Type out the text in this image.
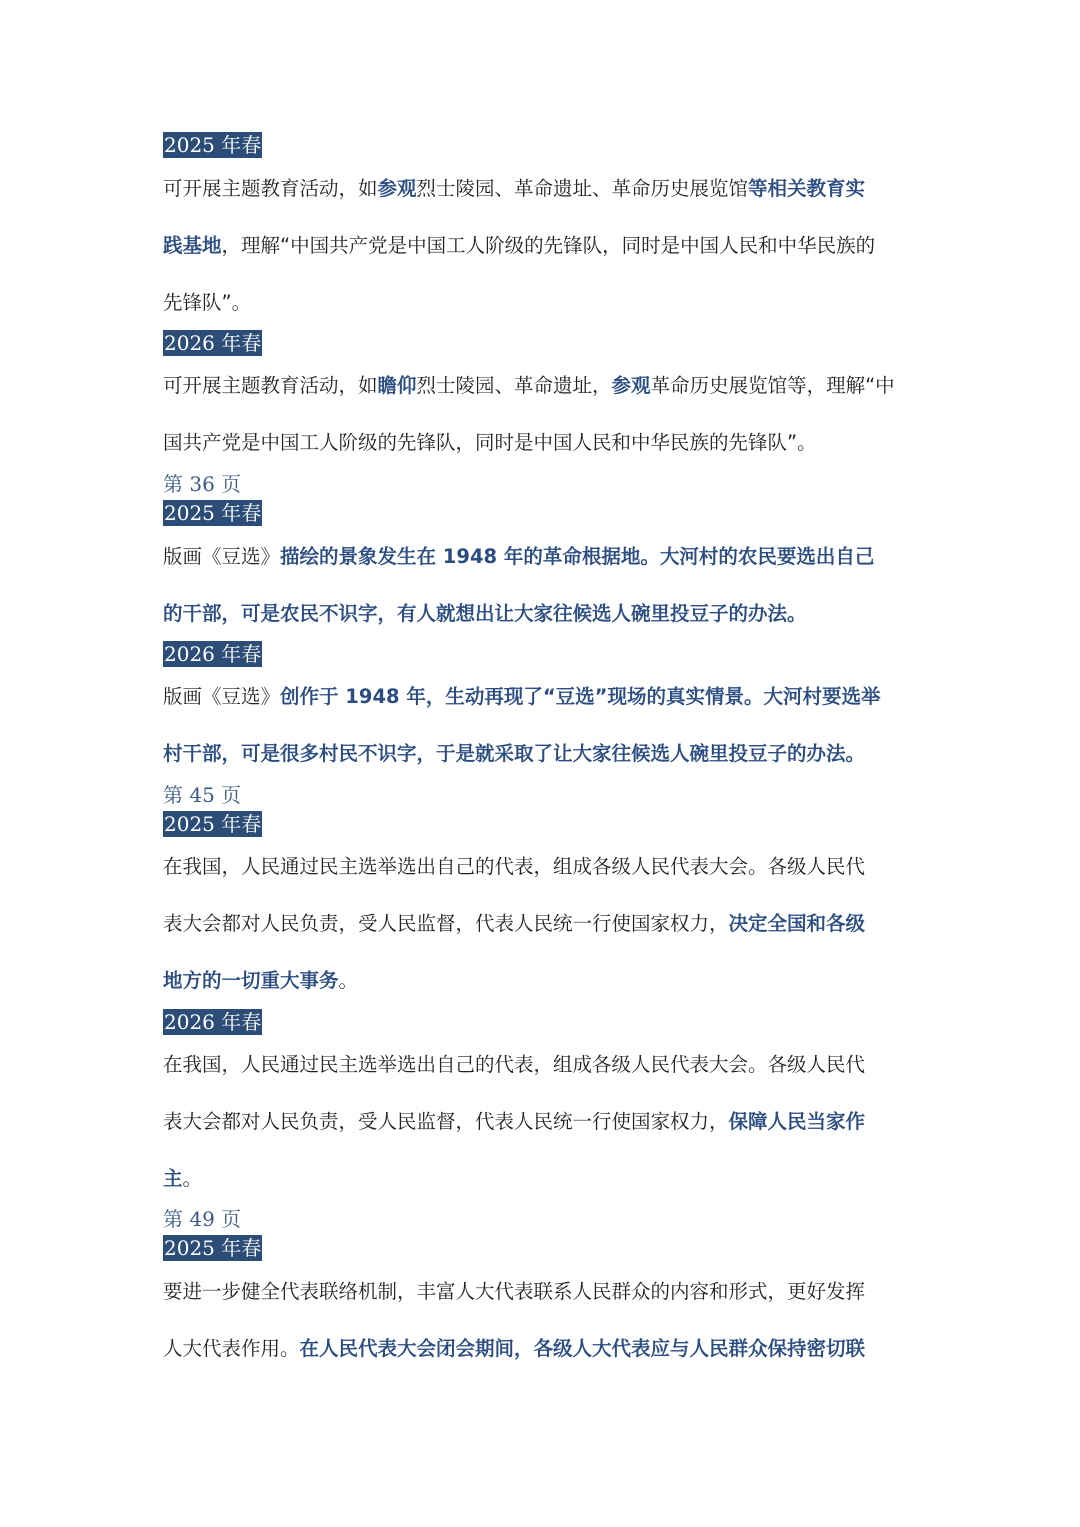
2025 年春
可开展主题教育活动，如参观烈士陵园、革命遗址、革命历史展览馆等相关教育实
践基地，理解“中国共产党是中国工人阶级的先锋队，同时是中国人民和中华民族的
先锋队”。
2026 年春
可开展主题教育活动，如瞻仰烈士陵园、革命遗址，参观革命历史展览馆等，理解“中
国共产党是中国工人阶级的先锋队，同时是中国人民和中华民族的先锋队”。
第 36 页
2025 年春
版画《豆选》描绘的景象发生在 1948 年的革命根据地。大河村的农民要选出自己
的干部，可是农民不识字，有人就想出让大家往候选人碗里投豆子的办法。
2026 年春
版画《豆选》创作于 1948 年，生动再现了“豆选”现场的真实情景。大河村要选举
村干部，可是很多村民不识字，于是就采取了让大家往候选人碗里投豆子的办法。
第 45 页
2025 年春
在我国，人民通过民主选举选出自己的代表，组成各级人民代表大会。各级人民代
表大会都对人民负责，受人民监督，代表人民统一行使国家权力，决定全国和各级
地方的一切重大事务。
2026 年春
在我国，人民通过民主选举选出自己的代表，组成各级人民代表大会。各级人民代
表大会都对人民负责，受人民监督，代表人民统一行使国家权力，保障人民当家作
主。
第 49 页
2025 年春
要进一步健全代表联络机制，丰富人大代表联系人民群众的内容和形式，更好发挥
人大代表作用。在人民代表大会闭会期间，各级人大代表应与人民群众保持密切联
